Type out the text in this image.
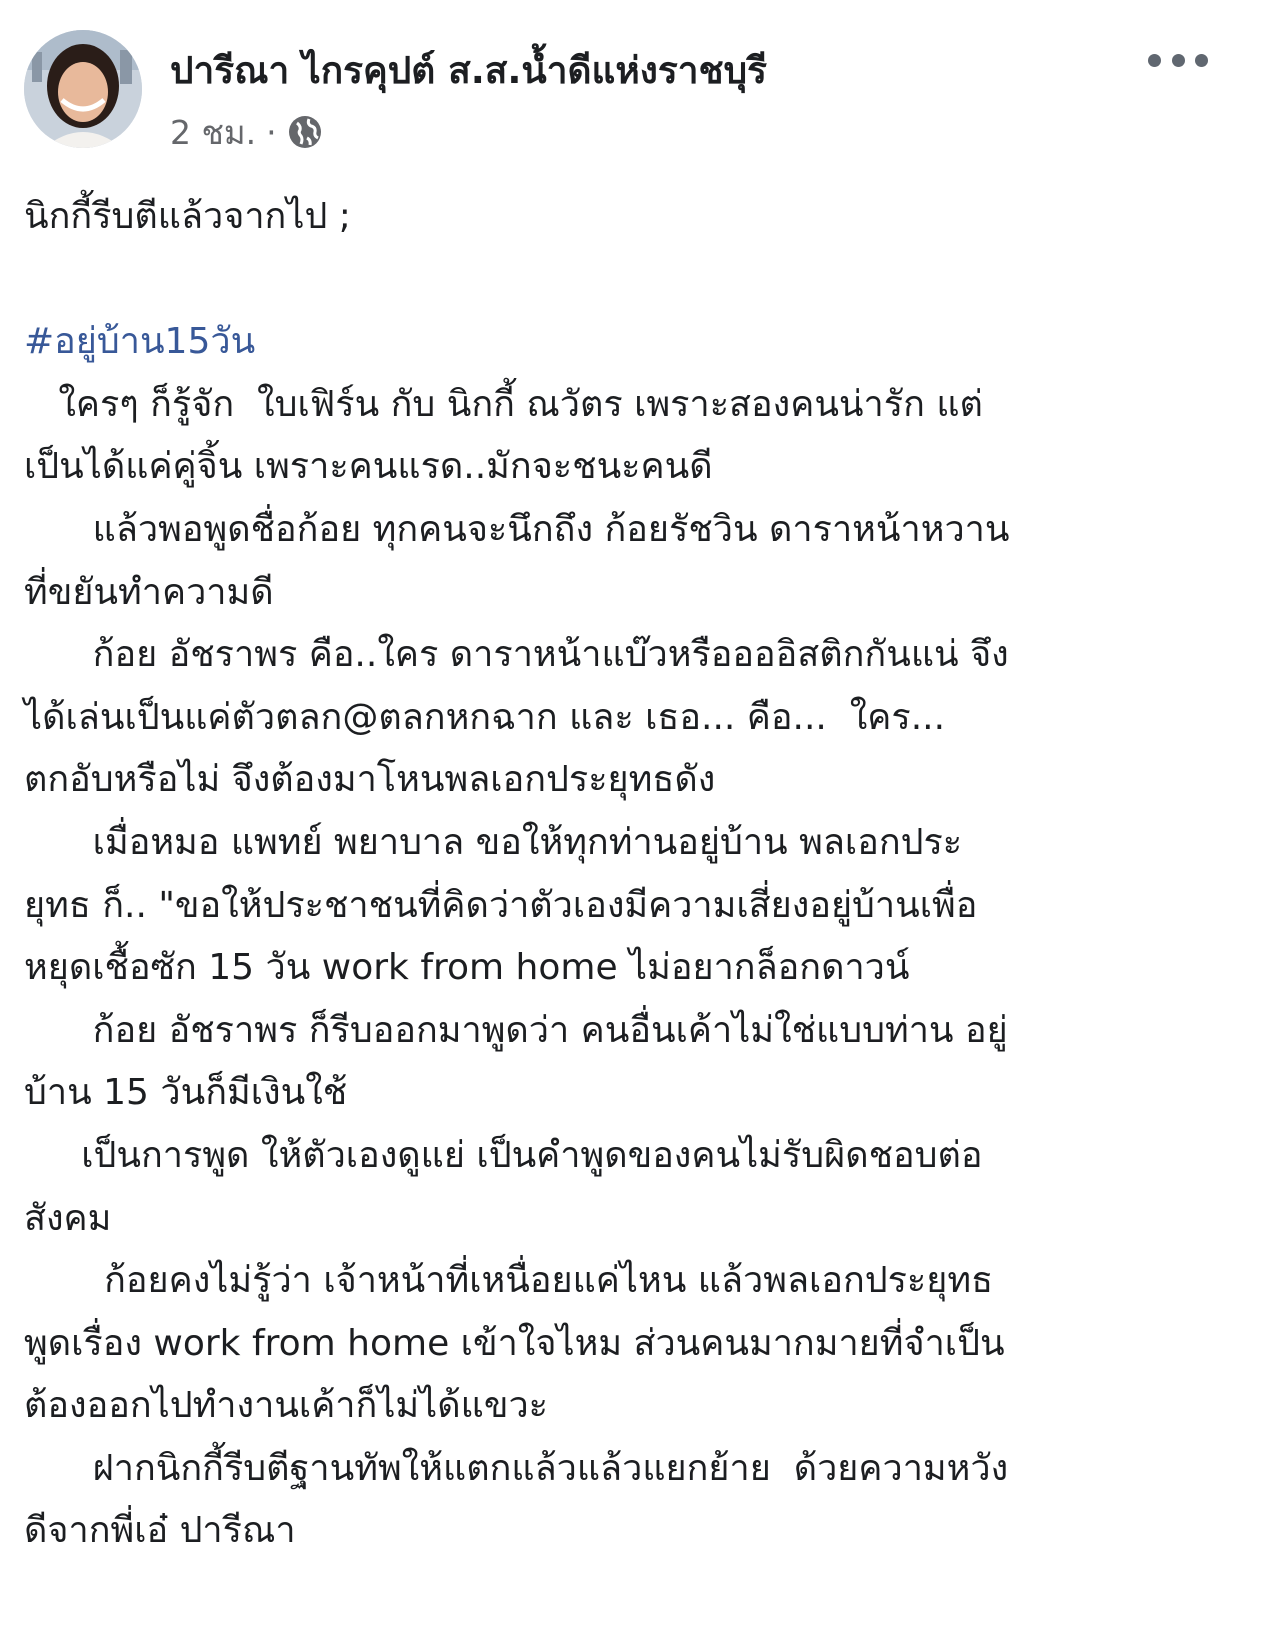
ปารีณา ไกรคุปต์ ส.ส.น้ำดีแห่งราชบุรี
2 ชม. ·
นิกกี้รีบตีแล้วจากไป ;
#อยู่บ้าน15วัน
ใครๆ ก็รู้จัก  ใบเฟิร์น กับ นิกกี้ ณวัตร เพราะสองคนน่ารัก แต่
เป็นได้แค่คู่จิ้น เพราะคนแรด..มักจะชนะคนดี
แล้วพอพูดชื่อก้อย ทุกคนจะนึกถึง ก้อยรัชวิน ดาราหน้าหวาน
ที่ขยันทำความดี
ก้อย อัชราพร คือ..ใคร ดาราหน้าแบ๊วหรืออออิสติกกันแน่ จึง
ได้เล่นเป็นแค่ตัวตลก@ตลกหกฉาก และ เธอ... คือ...  ใคร...
ตกอับหรือไม่ จึงต้องมาโหนพลเอกประยุทธดัง
เมื่อหมอ แพทย์ พยาบาล ขอให้ทุกท่านอยู่บ้าน พลเอกประ
ยุทธ ก็.. "ขอให้ประชาชนที่คิดว่าตัวเองมีความเสี่ยงอยู่บ้านเพื่อ
หยุดเชื้อซัก 15 วัน work from home ไม่อยากล็อกดาวน์
ก้อย อัชราพร ก็รีบออกมาพูดว่า คนอื่นเค้าไม่ใช่แบบท่าน อยู่
บ้าน 15 วันก็มีเงินใช้
เป็นการพูด ให้ตัวเองดูแย่ เป็นคำพูดของคนไม่รับผิดชอบต่อ
สังคม
ก้อยคงไม่รู้ว่า เจ้าหน้าที่เหนื่อยแค่ไหน แล้วพลเอกประยุทธ
พูดเรื่อง work from home เข้าใจไหม ส่วนคนมากมายที่จำเป็น
ต้องออกไปทำงานเค้าก็ไม่ได้แขวะ
ฝากนิกกี้รีบตีฐานทัพให้แตกแล้วแล้วแยกย้าย  ด้วยความหวัง
ดีจากพี่เอ๋ ปารีณา
